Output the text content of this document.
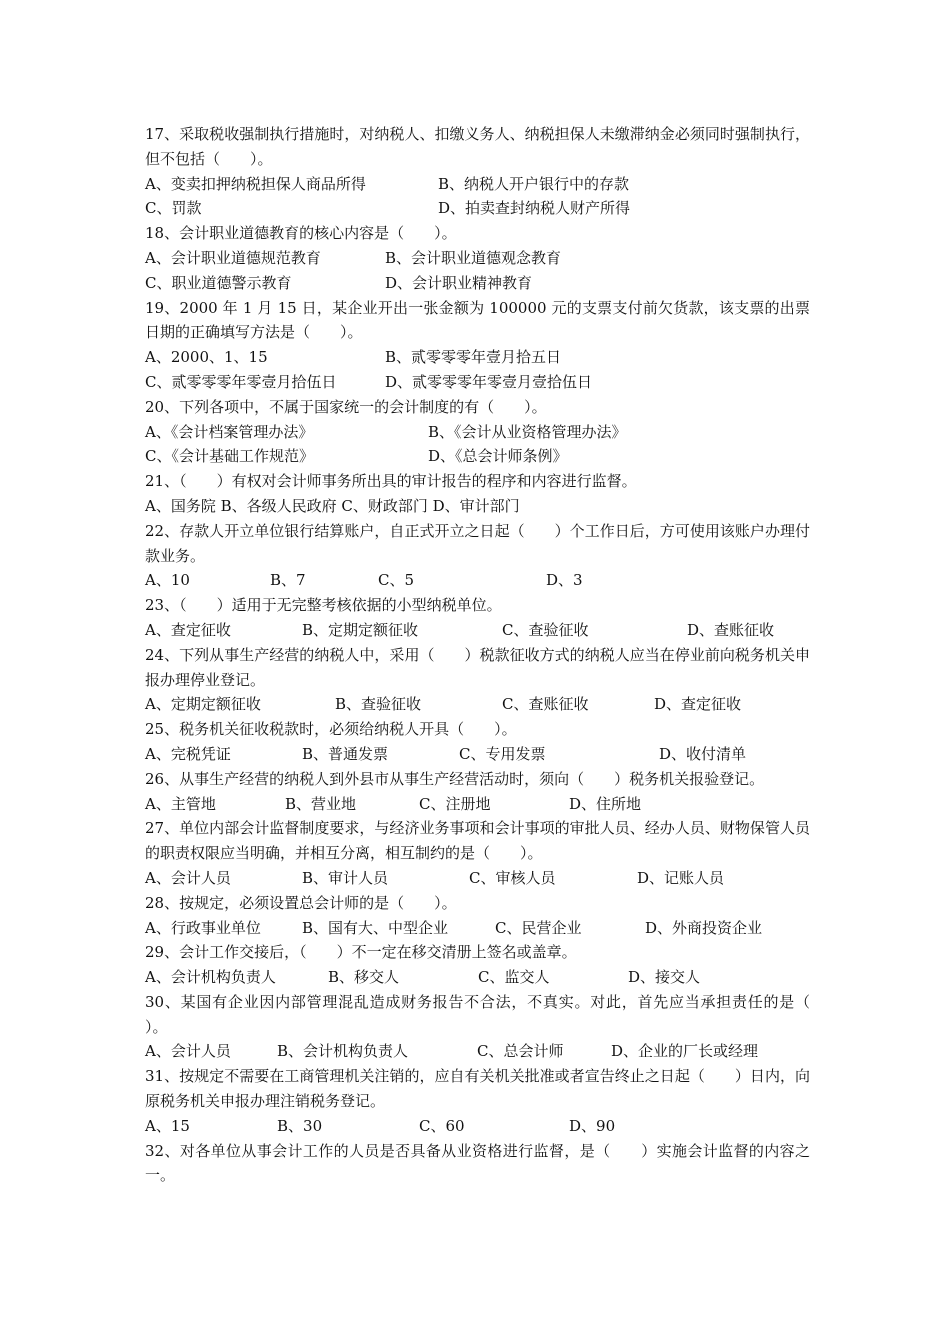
17、采取税收强制执行措施时，对纳税人、扣缴义务人、纳税担保人未缴滞纳金必须同时强制执行，但不包括（　　）。

A、变卖扣押纳税担保人商品所得	B、纳税人开户银行中的存款
C、罚款	D、拍卖查封纳税人财产所得

18、会计职业道德教育的核心内容是（　　）。

A、会计职业道德规范教育	B、会计职业道德观念教育
C、职业道德警示教育	D、会计职业精神教育

19、2000 年 1 月 15 日，某企业开出一张金额为 100000 元的支票支付前欠货款，该支票的出票日期的正确填写方法是（　　）。

A、2000、1、15	B、贰零零零年壹月拾五日
C、贰零零零年零壹月拾伍日	D、贰零零零年零壹月壹拾伍日

20、下列各项中，不属于国家统一的会计制度的有（　　）。

A、《会计档案管理办法》	B、《会计从业资格管理办法》
C、《会计基础工作规范》	D、《总会计师条例》

21、（　　）有权对会计师事务所出具的审计报告的程序和内容进行监督。

A、国务院 B、各级人民政府 C、财政部门 D、审计部门

22、存款人开立单位银行结算账户，自正式开立之日起（　　）个工作日后，方可使用该账户办理付款业务。

A、10	B、7	C、5	D、3

23、（　　）适用于无完整考核依据的小型纳税单位。

A、查定征收	B、定期定额征收	C、查验征收	D、查账征收

24、下列从事生产经营的纳税人中，采用（　　）税款征收方式的纳税人应当在停业前向税务机关申报办理停业登记。

A、定期定额征收	B、查验征收	C、查账征收	D、查定征收

25、税务机关征收税款时，必须给纳税人开具（　　）。

A、完税凭证	B、普通发票	C、专用发票	D、收付清单

26、从事生产经营的纳税人到外县市从事生产经营活动时，须向（　　）税务机关报验登记。

A、主管地	B、营业地	C、注册地	D、住所地

27、单位内部会计监督制度要求，与经济业务事项和会计事项的审批人员、经办人员、财物保管人员的职责权限应当明确，并相互分离，相互制约的是（　　）。

A、会计人员	B、审计人员	C、审核人员	D、记账人员

28、按规定，必须设置总会计师的是（　　）。

A、行政事业单位	B、国有大、中型企业	C、民营企业	D、外商投资企业

29、会计工作交接后，（　　）不一定在移交清册上签名或盖章。

A、会计机构负责人	B、移交人	C、监交人	D、接交人

30、某国有企业因内部管理混乱造成财务报告不合法，不真实。对此，首先应当承担责任的是（　　）。

A、会计人员	B、会计机构负责人	C、总会计师	D、企业的厂长或经理

31、按规定不需要在工商管理机关注销的，应自有关机关批准或者宣告终止之日起（　　）日内，向原税务机关申报办理注销税务登记。

A、15	B、30	C、60	D、90

32、对各单位从事会计工作的人员是否具备从业资格进行监督，是（　　）实施会计监督的内容之一。
